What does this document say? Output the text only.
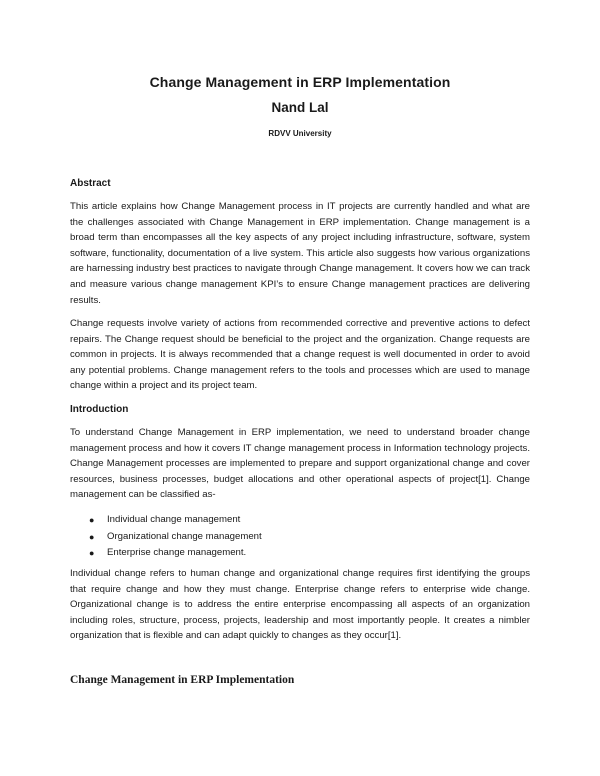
Change Management in ERP Implementation
Nand Lal
RDVV University
Abstract

This article explains how Change Management process in IT projects are currently handled and what are the challenges associated with Change Management in ERP implementation. Change management is a broad term than encompasses all the key aspects of any project including infrastructure, software, system software, functionality, documentation of a live system. This article also suggests how various organizations are harnessing industry best practices to navigate through Change management. It covers how we can track and measure various change management KPI’s to ensure Change management practices are delivering results.

Change requests involve variety of actions from recommended corrective and preventive actions to defect repairs. The Change request should be beneficial to the project and the organization. Change requests are common in projects. It is always recommended that a change request is well documented in order to avoid any potential problems. Change management refers to the tools and processes which are used to manage change within a project and its project team.

Introduction

To understand Change Management in ERP implementation, we need to understand broader change management process and how it covers IT change management process in Information technology projects. Change Management processes are implemented to prepare and support organizational change and cover resources, business processes, budget allocations and other operational aspects of project[1]. Change management can be classified as-

● Individual change management
● Organizational change management
● Enterprise change management.

Individual change refers to human change and organizational change requires first identifying the groups that require change and how they must change. Enterprise change refers to enterprise wide change. Organizational change is to address the entire enterprise encompassing all aspects of an organization including roles, structure, process, projects, leadership and most importantly people. It creates a nimbler organization that is flexible and can adapt quickly to changes as they occur[1].

Change Management in ERP Implementation
